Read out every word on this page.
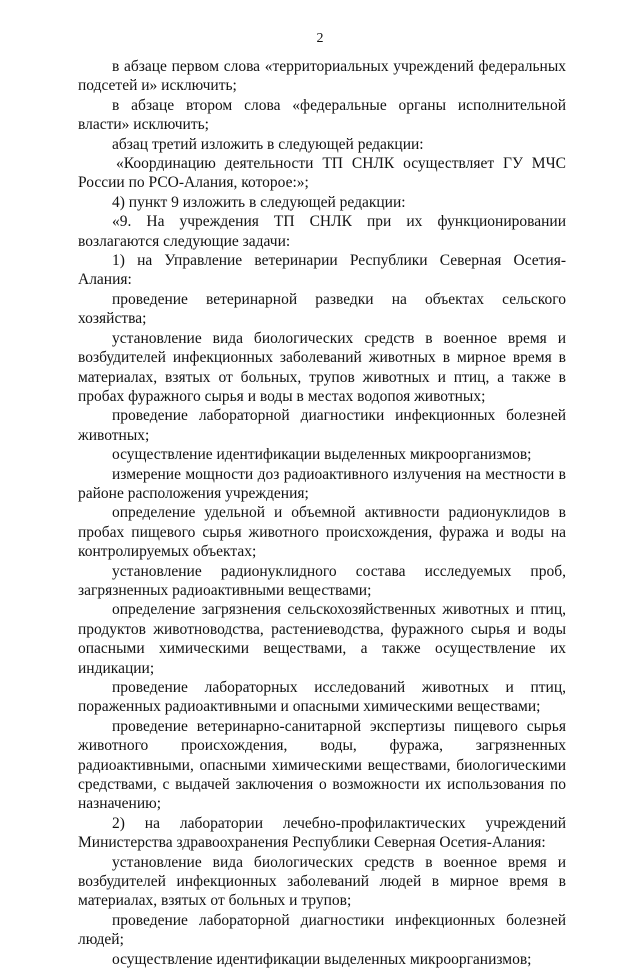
2

в абзаце первом слова «территориальных учреждений федеральных подсетей и» исключить;

в абзаце втором слова «федеральные органы исполнительной власти» исключить;

абзац третий изложить в следующей редакции:

«Координацию деятельности ТП СНЛК осуществляет ГУ МЧС России по РСО-Алания, которое:»;

4) пункт 9 изложить в следующей редакции:

«9. На учреждения ТП СНЛК при их функционировании возлагаются следующие задачи:

1) на Управление ветеринарии Республики Северная Осетия-Алания:

проведение ветеринарной разведки на объектах сельского хозяйства;

установление вида биологических средств в военное время и возбудителей инфекционных заболеваний животных в мирное время в материалах, взятых от больных, трупов животных и птиц, а также в пробах фуражного сырья и воды в местах водопоя животных;

проведение лабораторной диагностики инфекционных болезней животных;

осуществление идентификации выделенных микроорганизмов;

измерение мощности доз радиоактивного излучения на местности в районе расположения учреждения;

определение удельной и объемной активности радионуклидов в пробах пищевого сырья животного происхождения, фуража и воды на контролируемых объектах;

установление радионуклидного состава исследуемых проб, загрязненных радиоактивными веществами;

определение загрязнения сельскохозяйственных животных и птиц, продуктов животноводства, растениеводства, фуражного сырья и воды опасными химическими веществами, а также осуществление их индикации;

проведение лабораторных исследований животных и птиц, пораженных радиоактивными и опасными химическими веществами;

проведение ветеринарно-санитарной экспертизы пищевого сырья животного происхождения, воды, фуража, загрязненных радиоактивными, опасными химическими веществами, биологическими средствами, с выдачей заключения о возможности их использования по назначению;

2) на лаборатории лечебно-профилактических учреждений Министерства здравоохранения Республики Северная Осетия-Алания:

установление вида биологических средств в военное время и возбудителей инфекционных заболеваний людей в мирное время в материалах, взятых от больных и трупов;

проведение лабораторной диагностики инфекционных болезней людей;

осуществление идентификации выделенных микроорганизмов;
